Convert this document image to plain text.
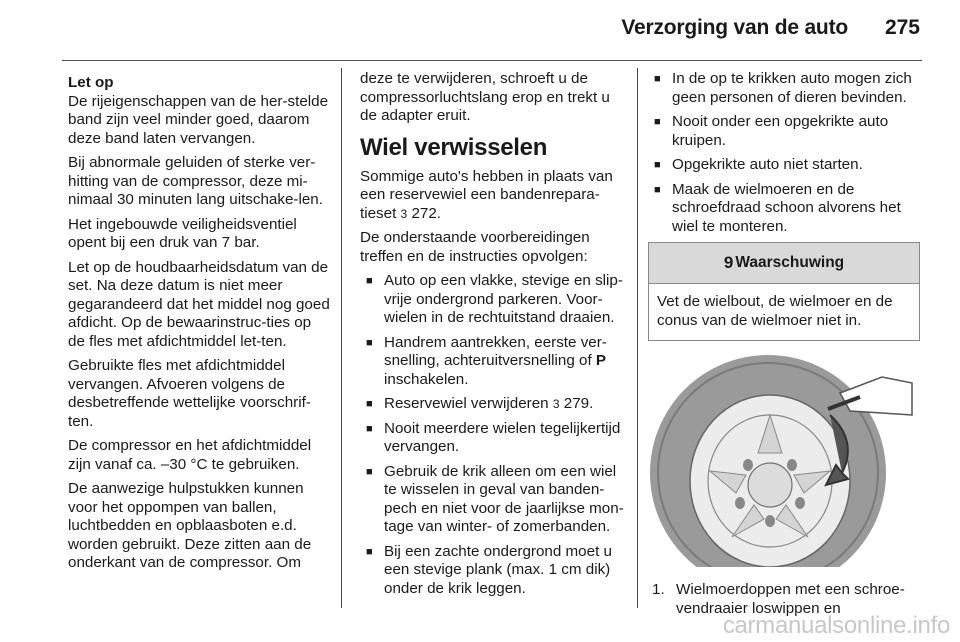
Verzorging van de auto 275

Let op

De rijeigenschappen van de her-stelde band zijn veel minder goed, daarom deze band laten vervangen.

Bij abnormale geluiden of sterke ver-hitting van de compressor, deze mi-nimaal 30 minuten lang uitschake-len.

Het ingebouwde veiligheidsventiel opent bij een druk van 7 bar.

Let op de houdbaarheidsdatum van de set. Na deze datum is niet meer gegarandeerd dat het middel nog goed afdicht. Op de bewaarinstruc-ties op de fles met afdichtmiddel let-ten.

Gebruikte fles met afdichtmiddel vervangen. Afvoeren volgens de desbetreffende wettelijke voorschrif-ten.

De compressor en het afdichtmiddel zijn vanaf ca. –30 °C te gebruiken.

De aanwezige hulpstukken kunnen voor het oppompen van ballen, luchtbedden en opblaasboten e.d. worden gebruikt. Deze zitten aan de onderkant van de compressor. Om

deze te verwijderen, schroeft u de compressorluchtslang erop en trekt u de adapter eruit.

Wiel verwisselen

Sommige auto's hebben in plaats van een reservewiel een bandenrepara-tieset 3 272.

De onderstaande voorbereidingen treffen en de instructies opvolgen:

■ Auto op een vlakke, stevige en slip-vrije ondergrond parkeren. Voor-wielen in de rechtuitstand draaien.
■ Handrem aantrekken, eerste ver-snelling, achteruitversnelling of P inschakelen.
■ Reservewiel verwijderen 3 279.
■ Nooit meerdere wielen tegelijkertijd vervangen.
■ Gebruik de krik alleen om een wiel te wisselen in geval van banden-pech en niet voor de jaarlijkse mon-tage van winter- of zomerbanden.
■ Bij een zachte ondergrond moet u een stevige plank (max. 1 cm dik) onder de krik leggen.
■ In de op te krikken auto mogen zich geen personen of dieren bevinden.
■ Nooit onder een opgekrikte auto kruipen.
■ Opgekrikte auto niet starten.
■ Maak de wielmoeren en de schroefdraad schoon alvorens het wiel te monteren.
9 Waarschuwing
Vet de wielbout, de wielmoer en de conus van de wielmoer niet in.
1. Wielmoerdoppen met een schroe-vendraaier loswippen en
carmanualsonline.info
